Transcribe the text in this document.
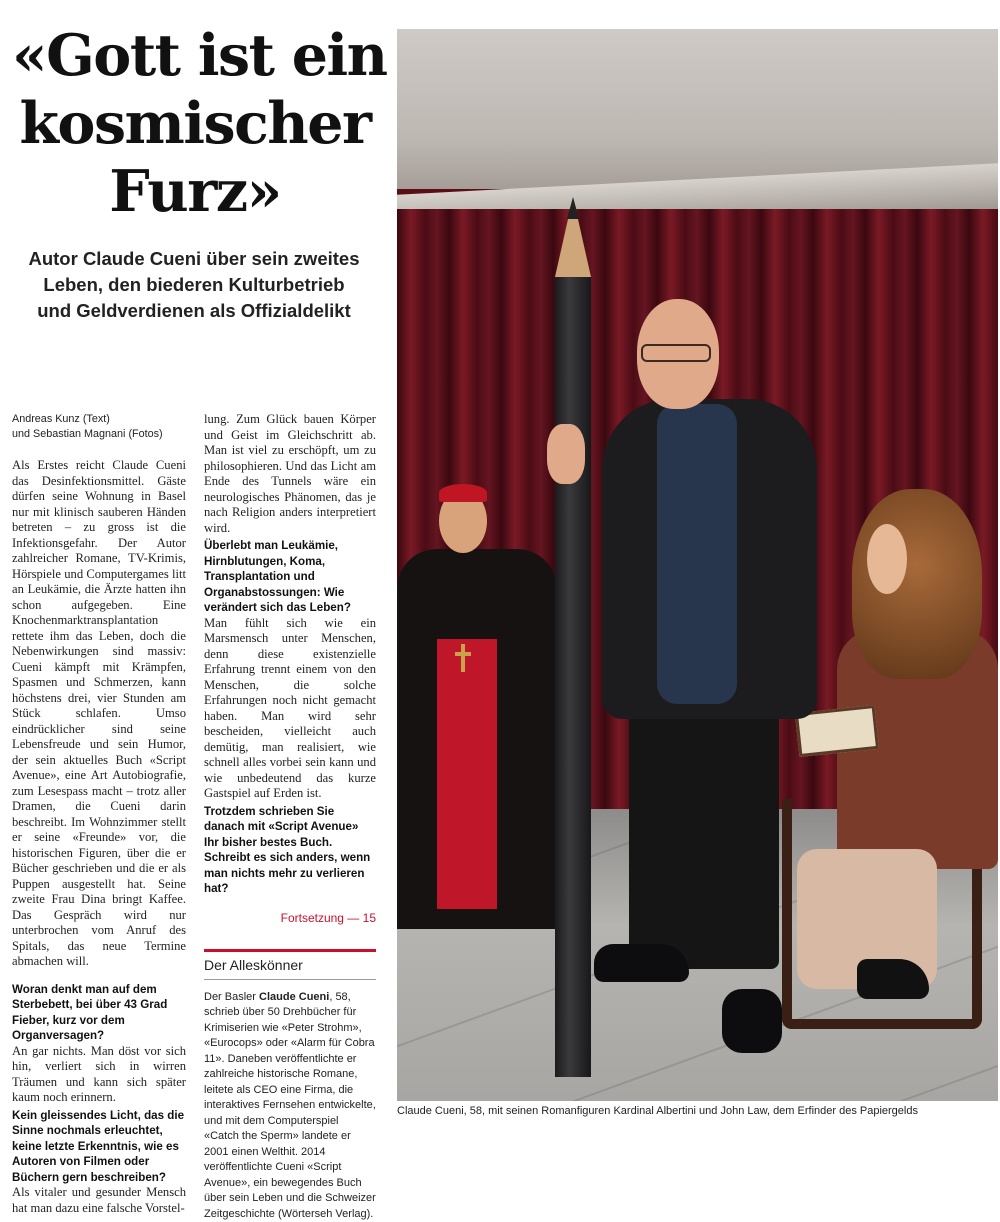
«Gott ist ein
kosmischer
Furz»
Autor Claude Cueni über sein zweites
Leben, den biederen Kulturbetrieb
und Geldverdienen als Offizialdelikt
Andreas Kunz (Text)
und Sebastian Magnani (Fotos)

Als Erstes reicht Claude Cueni das Desinfektionsmittel. Gäste dürfen seine Wohnung in Basel nur mit klinisch sauberen Händen betreten – zu gross ist die Infektionsgefahr. Der Autor zahlreicher Romane, TV-Krimis, Hörspiele und Computergames litt an Leukämie, die Ärzte hatten ihn schon aufgegeben. Eine Knochenmarktransplantation rettete ihm das Leben, doch die Nebenwirkungen sind massiv: Cueni kämpft mit Krämpfen, Spasmen und Schmerzen, kann höchstens drei, vier Stunden am Stück schlafen. Umso eindrücklicher sind seine Lebensfreude und sein Humor, der sein aktuelles Buch «Script Avenue», eine Art Autobiografie, zum Lesespass macht – trotz aller Dramen, die Cueni darin beschreibt. Im Wohnzimmer stellt er seine «Freunde» vor, die historischen Figuren, über die er Bücher geschrieben und die er als Puppen ausgestellt hat. Seine zweite Frau Dina bringt Kaffee. Das Gespräch wird nur unterbrochen vom Anruf des Spitals, das neue Termine abmachen will.

Woran denkt man auf dem Sterbebett, bei über 43 Grad Fieber, kurz vor dem Organversagen?

An gar nichts. Man döst vor sich hin, verliert sich in wirren Träumen und kann sich später kaum noch erinnern.

Kein gleissendes Licht, das die Sinne nochmals erleuchtet, keine letzte Erkenntnis, wie es Autoren von Filmen oder Büchern gern beschreiben?

Als vitaler und gesunder Mensch hat man dazu eine falsche Vorstel-

lung. Zum Glück bauen Körper und Geist im Gleichschritt ab. Man ist viel zu erschöpft, um zu philosophieren. Und das Licht am Ende des Tunnels wäre ein neurologisches Phänomen, das je nach Religion anders interpretiert wird.

Überlebt man Leukämie, Hirnblutungen, Koma, Transplantation und Organabstossungen: Wie verändert sich das Leben?

Man fühlt sich wie ein Marsmensch unter Menschen, denn diese existenzielle Erfahrung trennt einem von den Menschen, die solche Erfahrungen noch nicht gemacht haben. Man wird sehr bescheiden, vielleicht auch demütig, man realisiert, wie schnell alles vorbei sein kann und wie unbedeutend das kurze Gastspiel auf Erden ist.

Trotzdem schrieben Sie danach mit «Script Avenue» Ihr bisher bestes Buch. Schreibt es sich anders, wenn man nichts mehr zu verlieren hat?

Fortsetzung — 15

Der Alleskönner

Der Basler Claude Cueni, 58, schrieb über 50 Drehbücher für Krimiserien wie «Peter Strohm», «Eurocops» oder «Alarm für Cobra 11». Daneben veröffentlichte er zahlreiche historische Romane, leitete als CEO eine Firma, die interaktives Fernsehen entwickelte, und mit dem Computerspiel «Catch the Sperm» landete er 2001 einen Welthit. 2014 veröffentlichte Cueni «Script Avenue», ein bewegendes Buch über sein Leben und die Schweizer Zeitgeschichte (Wörterseh Verlag).

Claude Cueni, 58, mit seinen Romanfiguren Kardinal Albertini und John Law, dem Erfinder des Papiergelds
